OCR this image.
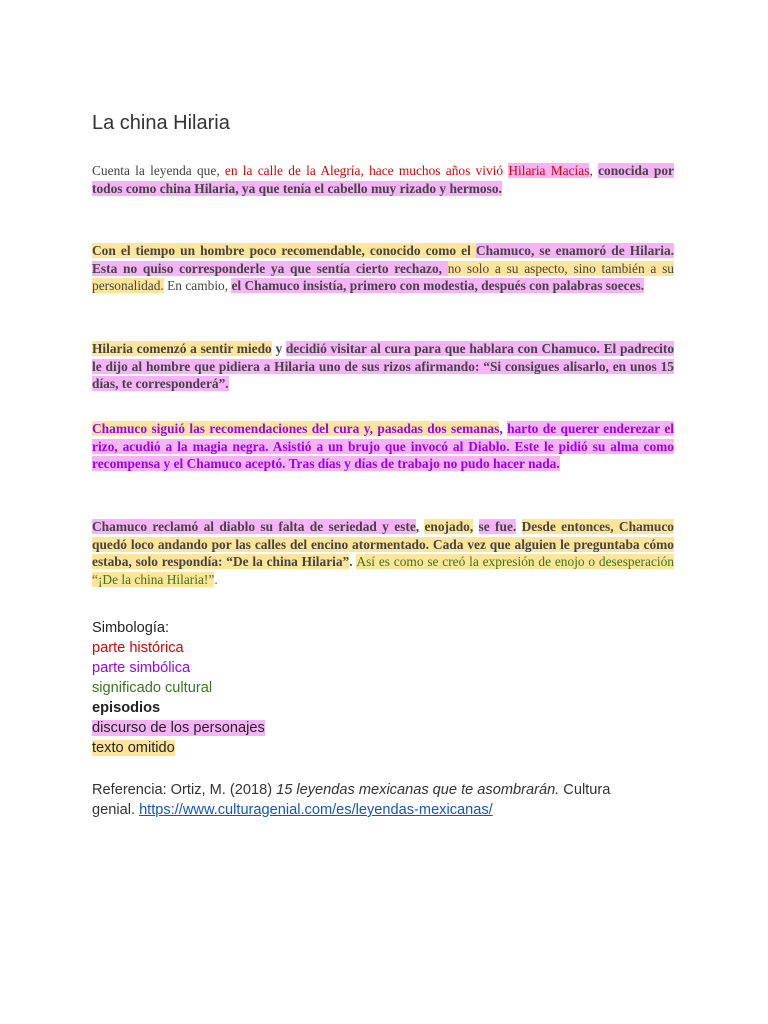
La china Hilaria

Cuenta la leyenda que, en la calle de la Alegría, hace muchos años vivió Hilaria Macías, conocida por todos como china Hilaria, ya que tenía el cabello muy rizado y hermoso.

Con el tiempo un hombre poco recomendable, conocido como el Chamuco, se enamoró de Hilaria. Esta no quiso corresponderle ya que sentía cierto rechazo, no solo a su aspecto, sino también a su personalidad. En cambio, el Chamuco insistía, primero con modestia, después con palabras soeces.

Hilaria comenzó a sentir miedo y decidió visitar al cura para que hablara con Chamuco. El padrecito le dijo al hombre que pidiera a Hilaria uno de sus rizos afirmando: “Si consigues alisarlo, en unos 15 días, te corresponderá”.

Chamuco siguió las recomendaciones del cura y, pasadas dos semanas, harto de querer enderezar el rizo, acudió a la magia negra. Asistió a un brujo que invocó al Diablo. Este le pidió su alma como recompensa y el Chamuco aceptó. Tras días y días de trabajo no pudo hacer nada.

Chamuco reclamó al diablo su falta de seriedad y este, enojado, se fue. Desde entonces, Chamuco quedó loco andando por las calles del encino atormentado. Cada vez que alguien le preguntaba cómo estaba, solo respondía: “De la china Hilaria”. Así es como se creó la expresión de enojo o desesperación “¡De la china Hilaria!”.

Simbología:
parte histórica
parte simbólica
significado cultural
episodios
discurso de los personajes
texto omitido
Referencia: Ortiz, M. (2018) 15 leyendas mexicanas que te asombrarán. Cultura genial. https://www.culturagenial.com/es/leyendas-mexicanas/
